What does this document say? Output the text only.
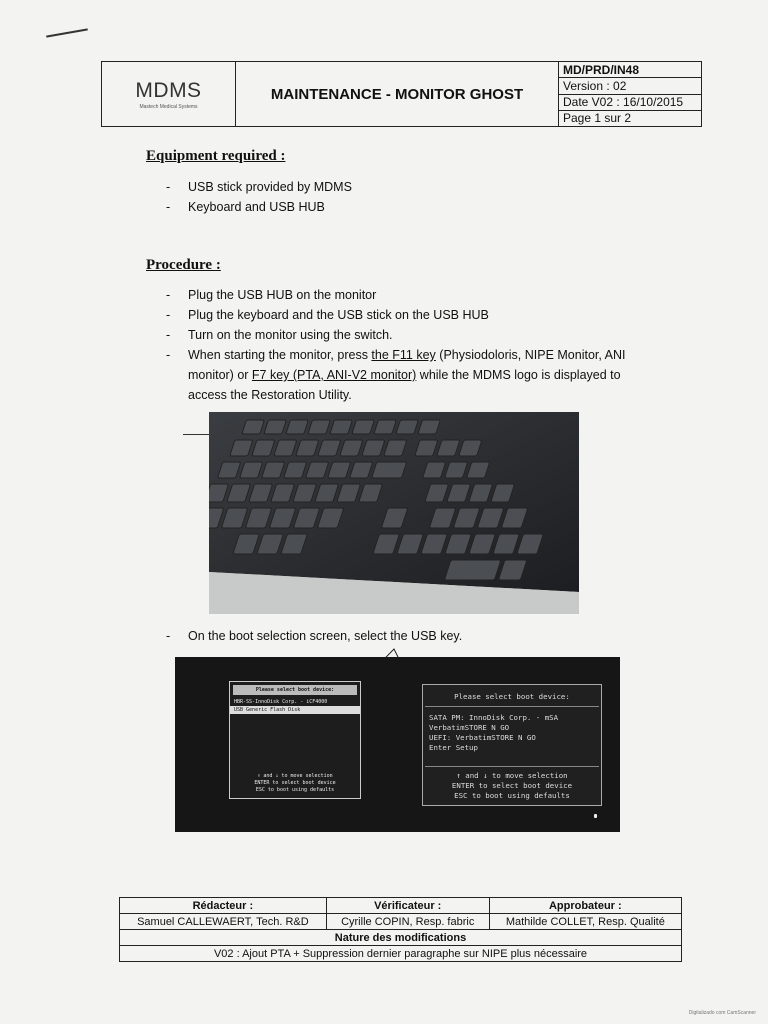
MDMS
Mastech Medical Systems
MAINTENANCE - MONITOR GHOST
MD/PRD/IN48
Version : 02
Date V02 : 16/10/2015
Page 1 sur 2
Equipment required :
- USB stick provided by MDMS
- Keyboard and USB HUB
Procedure :
- Plug the USB HUB on the monitor
- Plug the keyboard and the USB stick on the USB HUB
- Turn on the monitor using the switch.
- When starting the monitor, press the F11 key (Physiodoloris, NIPE Monitor, ANI monitor) or F7 key (PTA, ANI-V2 monitor) while the MDMS logo is displayed to access the Restoration Utility.
- On the boot selection screen, select the USB key.
Please select boot device:
HBR-SS-InnoDisk Corp. - iCF4000
USB Generic Flash Disk
↑ and ↓ to move selection
ENTER to select boot device
ESC to boot using defaults
Please select boot device:
SATA PM: InnoDisk Corp. - mSA
VerbatimSTORE N GO
UEFI: VerbatimSTORE N GO
Enter Setup
↑ and ↓ to move selection
ENTER to select boot device
ESC to boot using defaults
Rédacteur :	Vérificateur :	Approbateur :
Samuel CALLEWAERT, Tech. R&D	Cyrille COPIN, Resp. fabric	Mathilde COLLET, Resp. Qualité
Nature des modifications		
V02 : Ajout PTA + Suppression dernier paragraphe sur NIPE plus nécessaire		
Digitalizado com CamScanner
